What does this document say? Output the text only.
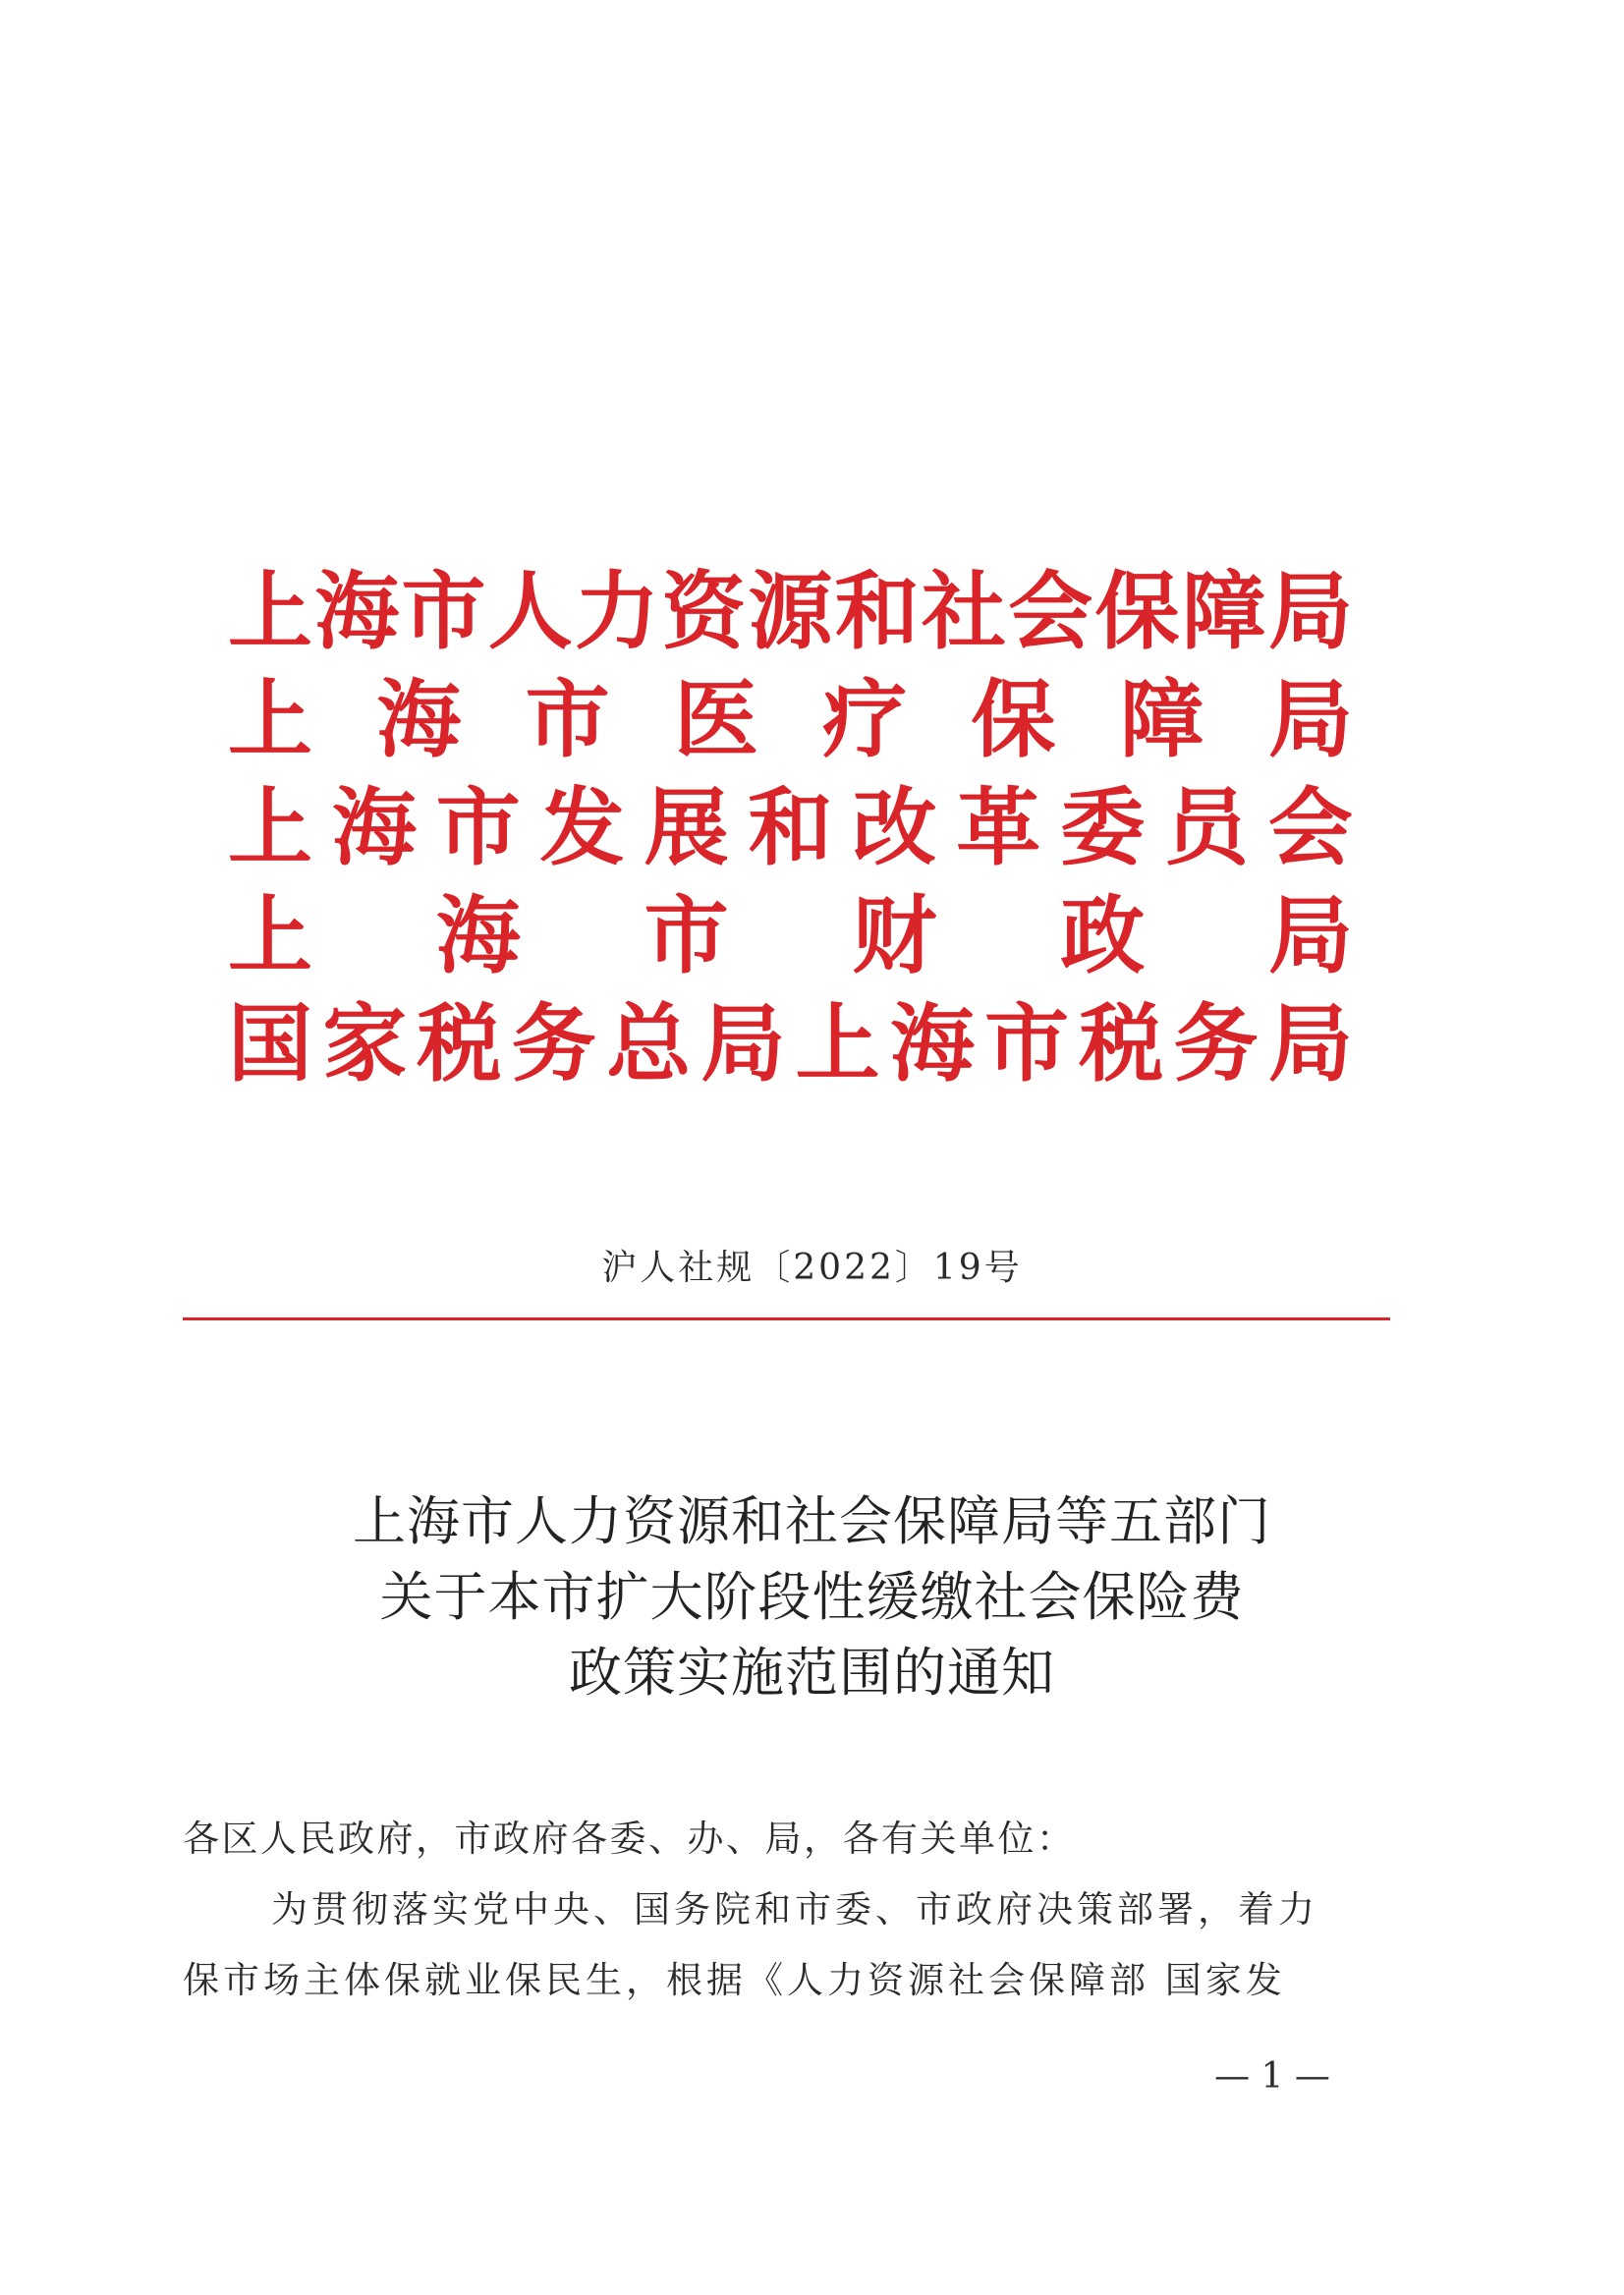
上 海 市 人 力 资 源 和 社 会 保 障 局
上 海 市 医 疗 保 障 局
上 海 市 发 展 和 改 革 委 员 会
上 海 市 财 政 局
国 家 税 务 总 局 上 海 市 税 务 局
沪人社规〔2022〕19号
上海市人力资源和社会保障局等五部门
关于本市扩大阶段性缓缴社会保险费
政策实施范围的通知
各区人民政府，市政府各委、办、局，各有关单位：
为贯彻落实党中央、国务院和市委、市政府决策部署，着力
保市场主体保就业保民生，根据《人力资源社会保障部 国家发
— 1 —
